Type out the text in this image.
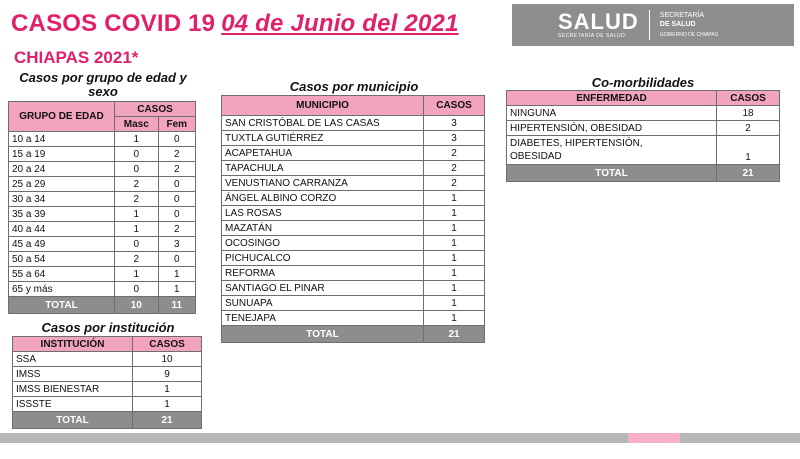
CASOS COVID 19 04 de Junio del 2021
CHIAPAS 2021*
SALUD
SECRETARÍA DE SALUD
SECRETARÍA
DE SALUD
GOBIERNO DE CHIAPAS
Casos por grupo de edad y sexo
GRUPO DE EDAD	CASOS	
	Masc	Fem
10 a 14	1	0
15 a 19	0	2
20 a 24	0	2
25 a 29	2	0
30 a 34	2	0
35 a 39	1	0
40 a 44	1	2
45 a 49	0	3
50 a 54	2	0
55 a 64	1	1
65 y más	0	1
TOTAL	10	11
Casos por institución
INSTITUCIÓN	CASOS
SSA	10
IMSS	9
IMSS BIENESTAR	1
ISSSTE	1
TOTAL	21
Casos por municipio
MUNICIPIO	CASOS
SAN CRISTÓBAL DE LAS CASAS	3
TUXTLA GUTIÉRREZ	3
ACAPETAHUA	2
TAPACHULA	2
VENUSTIANO CARRANZA	2
ÁNGEL ALBINO CORZO	1
LAS ROSAS	1
MAZATÁN	1
OCOSINGO	1
PICHUCALCO	1
REFORMA	1
SANTIAGO EL PINAR	1
SUNUAPA	1
TENEJAPA	1
TOTAL	21
Co-morbilidades
ENFERMEDAD	CASOS
NINGUNA	18
HIPERTENSIÓN, OBESIDAD	2

DIABETES, HIPERTENSIÓN,
OBESIDAD	1
TOTAL	21
